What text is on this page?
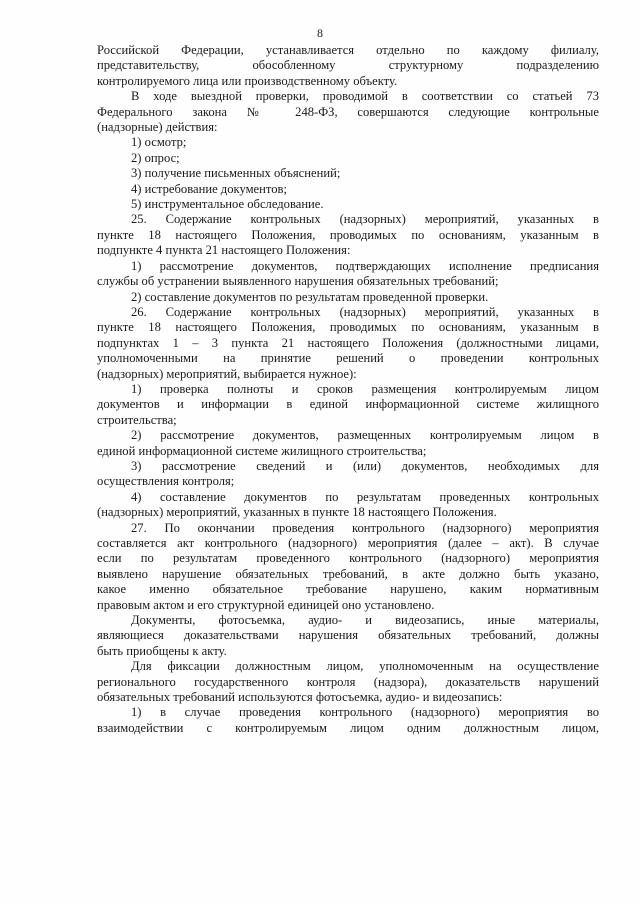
8

Российской Федерации, устанавливается отдельно по каждому филиалу,

представительству, обособленному структурному подразделению

контролируемого лица или производственному объекту.

В ходе выездной проверки, проводимой в соответствии со статьей 73

Федерального закона № 248-ФЗ, совершаются следующие контрольные

(надзорные) действия:

1) осмотр;

2) опрос;

3) получение письменных объяснений;

4) истребование документов;

5) инструментальное обследование.

25. Содержание контрольных (надзорных) мероприятий, указанных в

пункте 18 настоящего Положения, проводимых по основаниям, указанным в

подпункте 4 пункта 21 настоящего Положения:

1) рассмотрение документов, подтверждающих исполнение предписания

службы об устранении выявленного нарушения обязательных требований;

2) составление документов по результатам проведенной проверки.

26. Содержание контрольных (надзорных) мероприятий, указанных в

пункте 18 настоящего Положения, проводимых по основаниям, указанным в

подпунктах 1 – 3 пункта 21 настоящего Положения (должностными лицами,

уполномоченными на принятие решений о проведении контрольных

(надзорных) мероприятий, выбирается нужное):

1) проверка полноты и сроков размещения контролируемым лицом

документов и информации в единой информационной системе жилищного

строительства;

2) рассмотрение документов, размещенных контролируемым лицом в

единой информационной системе жилищного строительства;

3) рассмотрение сведений и (или) документов, необходимых для

осуществления контроля;

4) составление документов по результатам проведенных контрольных

(надзорных) мероприятий, указанных в пункте 18 настоящего Положения.

27. По окончании проведения контрольного (надзорного) мероприятия

составляется акт контрольного (надзорного) мероприятия (далее – акт). В случае

если по результатам проведенного контрольного (надзорного) мероприятия

выявлено нарушение обязательных требований, в акте должно быть указано,

какое именно обязательное требование нарушено, каким нормативным

правовым актом и его структурной единицей оно установлено.

Документы, фотосъемка, аудио- и видеозапись, иные материалы,

являющиеся доказательствами нарушения обязательных требований, должны

быть приобщены к акту.

Для фиксации должностным лицом, уполномоченным на осуществление

регионального государственного контроля (надзора), доказательств нарушений

обязательных требований используются фотосъемка, аудио- и видеозапись:

1) в случае проведения контрольного (надзорного) мероприятия во

взаимодействии с контролируемым лицом одним должностным лицом,
